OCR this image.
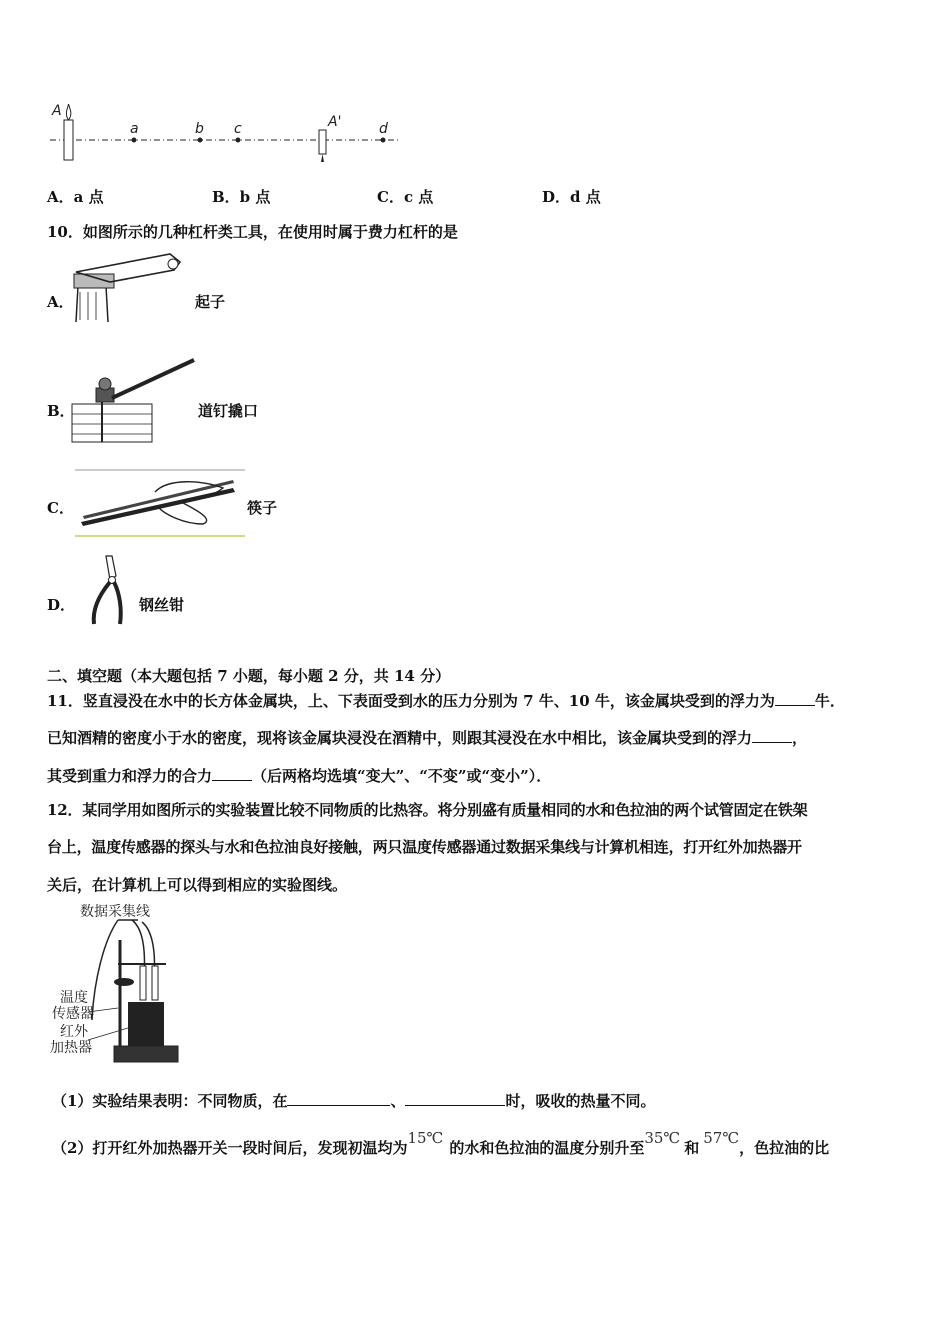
A
a	b c	A'	d
A．a 点	B．b 点	C．c 点	D．d 点
10．如图所示的几种杠杆类工具，在使用时属于费力杠杆的是
A．	起子
B．	道钉撬口
C．	筷子
D．	钢丝钳
二、填空题（本大题包括 7 小题，每小题 2 分，共 14 分）
11．竖直浸没在水中的长方体金属块，上、下表面受到水的压力分别为 7 牛、10 牛，该金属块受到的浮力为	牛．
已知酒精的密度小于水的密度，现将该金属块浸没在酒精中，则跟其浸没在水中相比，该金属块受到的浮力	，
其受到重力和浮力的合力	（后两格均选填“变大”、“不变”或“变小”）．
12．某同学用如图所示的实验装置比较不同物质的比热容。将分别盛有质量相同的水和色拉油的两个试管固定在铁架
台上，温度传感器的探头与水和色拉油良好接触，两只温度传感器通过数据采集线与计算机相连，打开红外加热器开
关后，在计算机上可以得到相应的实验图线。
数据采集线
温度
传感器
红外
加热器
（1）实验结果表明：不同物质，在	、	时，吸收的热量不同。
（2）打开红外加热器开关一段时间后，发现初温均为15℃的水和色拉油的温度分别升至35℃和57℃，色拉油的比
